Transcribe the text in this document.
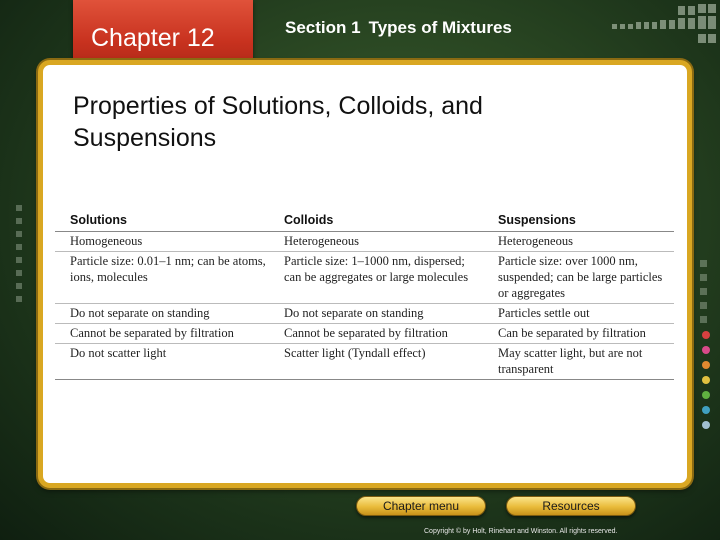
Chapter 12	Section 1 Types of Mixtures
Properties of Solutions, Colloids, and Suspensions
Solutions	Colloids	Suspensions
Homogeneous	Heterogeneous	Heterogeneous
Particle size: 0.01–1 nm; can be atoms, ions, molecules	Particle size: 1–1000 nm, dispersed; can be aggregates or large molecules	Particle size: over 1000 nm, suspended; can be large particles or aggregates
Do not separate on standing	Do not separate on standing	Particles settle out
Cannot be separated by filtration	Cannot be separated by filtration	Can be separated by filtration
Do not scatter light	Scatter light (Tyndall effect)	May scatter light, but are not transparent
Chapter menu	Resources
Copyright © by Holt, Rinehart and Winston. All rights reserved.
